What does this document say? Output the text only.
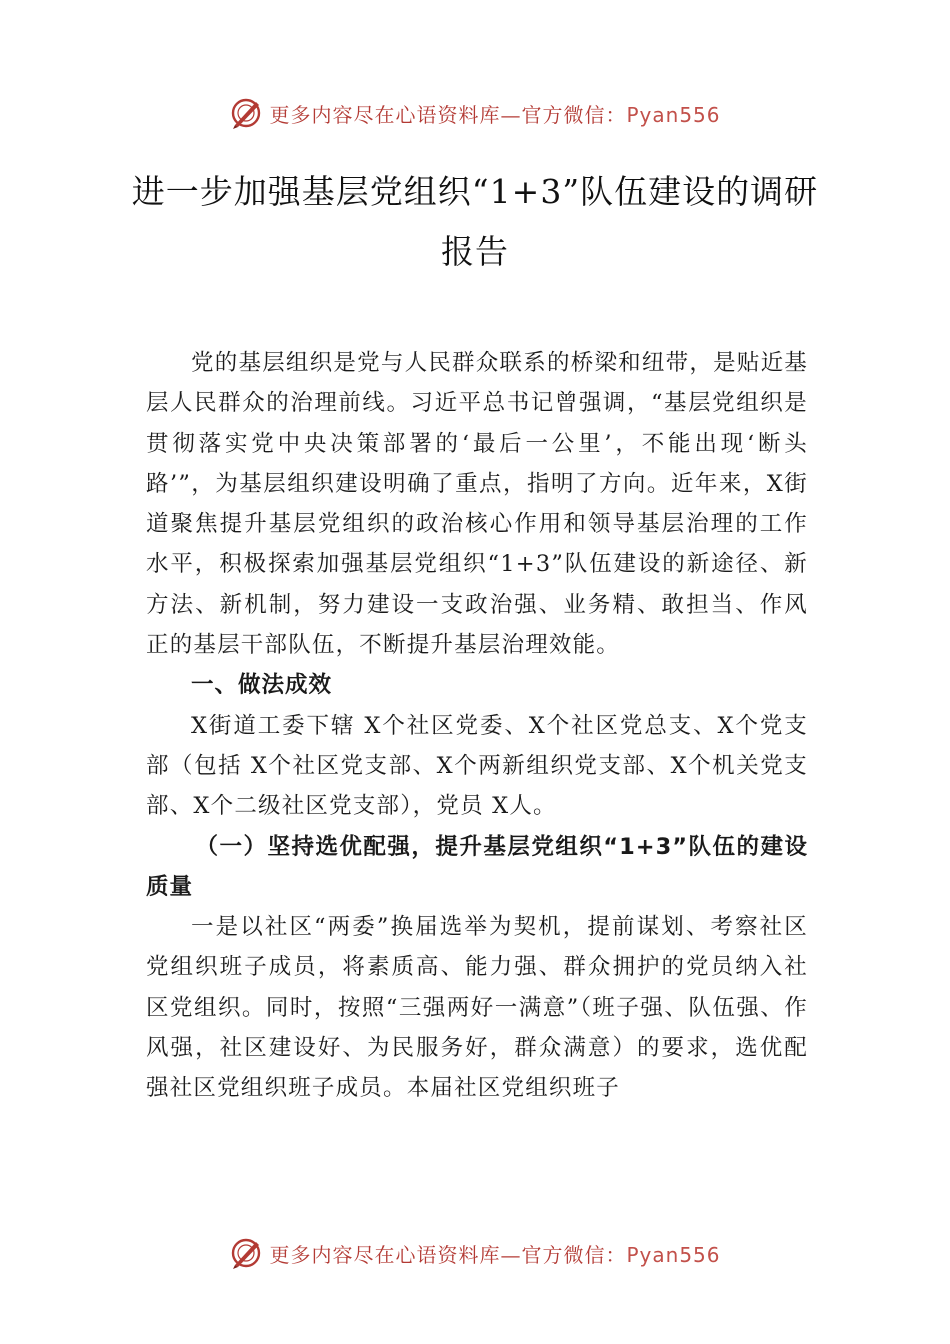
更多内容尽在心语资料库—官方微信：Pyan556
进一步加强基层党组织“1+3”队伍建设的调研报告

党的基层组织是党与人民群众联系的桥梁和纽带，是贴近基层人民群众的治理前线。习近平总书记曾强调，“基层党组织是贯彻落实党中央决策部署的‘最后一公里’，不能出现‘断头路’”，为基层组织建设明确了重点，指明了方向。近年来，X街道聚焦提升基层党组织的政治核心作用和领导基层治理的工作水平，积极探索加强基层党组织“1+3”队伍建设的新途径、新方法、新机制，努力建设一支政治强、业务精、敢担当、作风正的基层干部队伍，不断提升基层治理效能。

一、做法成效

X街道工委下辖 X个社区党委、X个社区党总支、X个党支部（包括 X个社区党支部、X个两新组织党支部、X个机关党支部、X个二级社区党支部），党员 X人。

（一）坚持选优配强，提升基层党组织“1+3”队伍的建设质量

一是以社区“两委”换届选举为契机，提前谋划、考察社区党组织班子成员，将素质高、能力强、群众拥护的党员纳入社区党组织。同时，按照“三强两好一满意”（班子强、队伍强、作风强，社区建设好、为民服务好，群众满意）的要求，选优配强社区党组织班子成员。本届社区党组织班子

更多内容尽在心语资料库—官方微信：Pyan556
